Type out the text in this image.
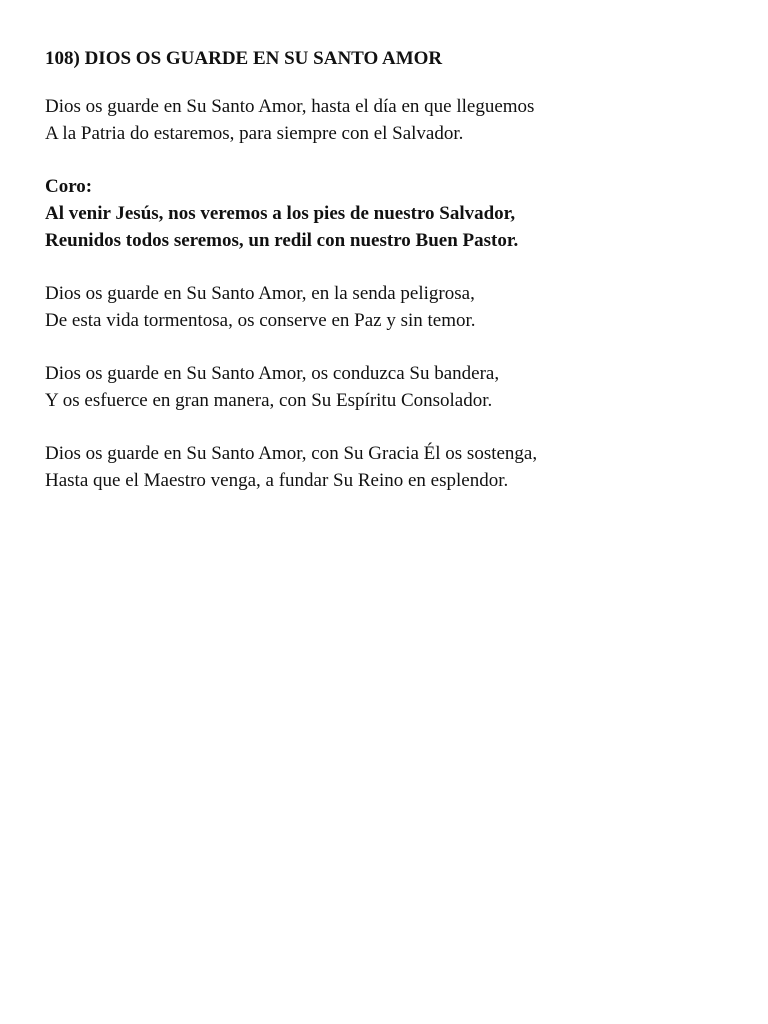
108) DIOS OS GUARDE EN SU SANTO AMOR
Dios os guarde en Su Santo Amor, hasta el día en que lleguemos
A la Patria do estaremos, para siempre con el Salvador.
Coro:
Al venir Jesús, nos veremos a los pies de nuestro Salvador,
Reunidos todos seremos, un redil con nuestro Buen Pastor.
Dios os guarde en Su Santo Amor, en la senda peligrosa,
De esta vida tormentosa, os conserve en Paz y sin temor.
Dios os guarde en Su Santo Amor, os conduzca Su bandera,
Y os esfuerce en gran manera, con Su Espíritu Consolador.
Dios os guarde en Su Santo Amor, con Su Gracia Él os sostenga,
Hasta que el Maestro venga, a fundar Su Reino en esplendor.
